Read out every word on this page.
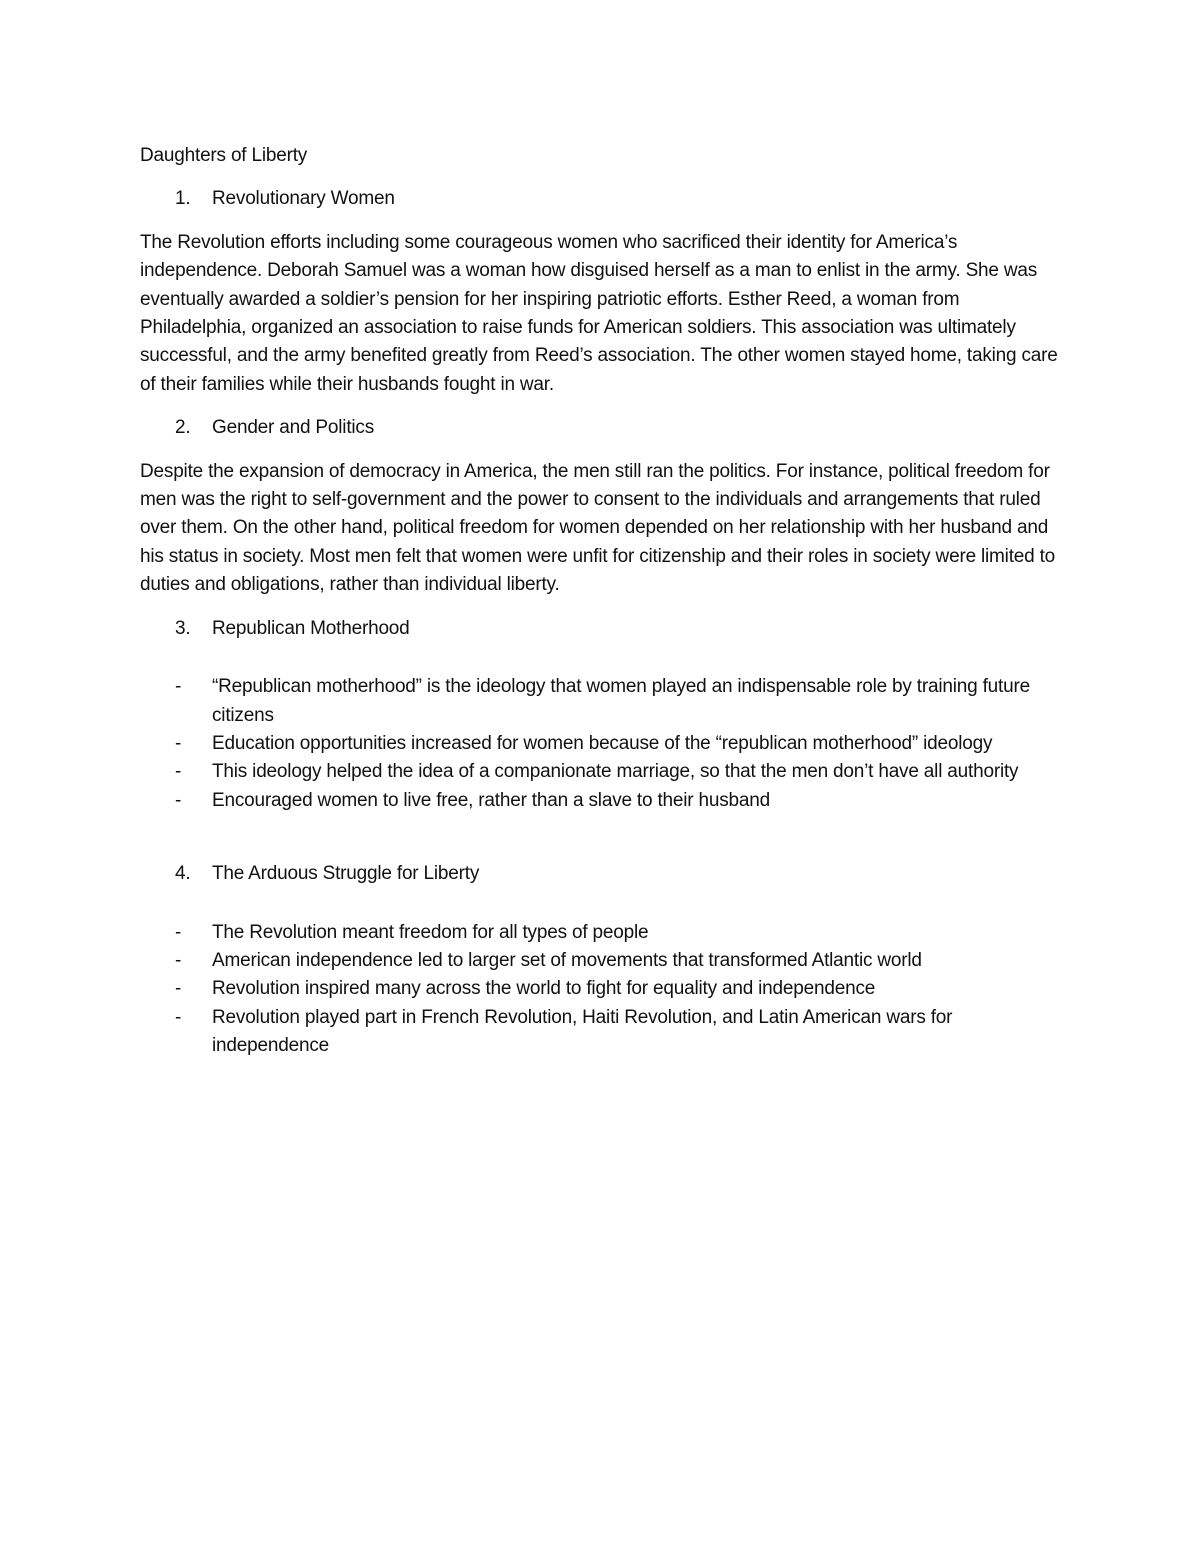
Daughters of Liberty

1.	Revolutionary Women

The Revolution efforts including some courageous women who sacrificed their identity for America’s independence. Deborah Samuel was a woman how disguised herself as a man to enlist in the army. She was eventually awarded a soldier’s pension for her inspiring patriotic efforts. Esther Reed, a woman from Philadelphia, organized an association to raise funds for American soldiers. This association was ultimately successful, and the army benefited greatly from Reed’s association. The other women stayed home, taking care of their families while their husbands fought in war.

2.	Gender and Politics

Despite the expansion of democracy in America, the men still ran the politics. For instance, political freedom for men was the right to self-government and the power to consent to the individuals and arrangements that ruled over them. On the other hand, political freedom for women depended on her relationship with her husband and his status in society. Most men felt that women were unfit for citizenship and their roles in society were limited to duties and obligations, rather than individual liberty.

3.	Republican Motherhood
-	“Republican motherhood” is the ideology that women played an indispensable role by training future citizens
-	Education opportunities increased for women because of the “republican motherhood” ideology
-	This ideology helped the idea of a companionate marriage, so that the men don’t have all authority
-	Encouraged women to live free, rather than a slave to their husband
4.	The Arduous Struggle for Liberty
-	The Revolution meant freedom for all types of people
-	American independence led to larger set of movements that transformed Atlantic world
-	Revolution inspired many across the world to fight for equality and independence
-	Revolution played part in French Revolution, Haiti Revolution, and Latin American wars for independence
